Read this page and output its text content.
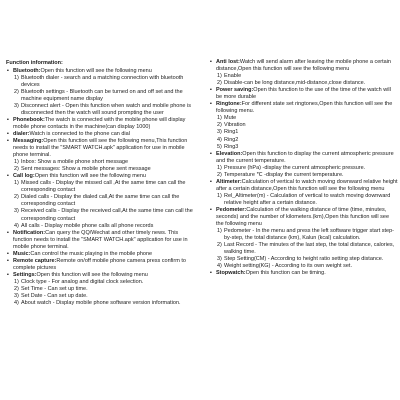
Function information:
▪ Bluetooth:Open this function will see the following menu
1) Bluetooth dialer - search and a matching connection with bluetooth devices
2) Bluetooth settings - Bluetooth can be turned on and off set and the machine equipment name display
3) Disconnect alert - Open this function when watch and mobile phone is disconnected then the watch will sound prompting the user
▪ Phonebook:The watch is connected with the mobile phone will display mobile phone contacts in the machine(can display 1000)
▪ dialer:Watch is connected to the phone can dial
▪ Messaging:Open this function will see the following menu,This function needs to install the "SMART WATCH.apk" application for use in mobile phone terminal.
1) Inbox: Show a mobile phone short message
2) Sent messages: Show a mobile phone sent message
▪ Call log:Open this function will see the following menu
1) Missed calls - Display the missed call ,At the same time can call the corresponding contact
2) Dialed calls - Display the dialed call,At the same time can call the corresponding contact
3) Received calls - Display the received call,At the same time can call the corresponding contact
4) All calls - Display mobile phone calls all phone records
▪ Notification:Can query the QQ/Wechat and other timely news. This function needs to install the "SMART WATCH.apk" application for use in mobile phone terminal.
▪ Music:Can control the music playing in the mobile phone
▪ Remote capture:Remote on/off mobile phone camera press confirm to complete pictures
▪ Settings:Open this function will see the following menu
1) Clock type - For analog and digital clock selection.
2) Set Time - Can set up time.
3) Set Date - Can set up date.
4) About watch - Display mobile phone software version information.
▪ Anti lost:Watch will send alarm after leaving the mobile phone a certain distance,Open this function will see the following menu
1) Enable
2) Disable-can be long distance,mid-distance,close distance.
▪ Power saving:Open this function to the use of the time of the watch will be more durable
▪ Ringtone:For different state set ringtones,Open this function will see the following menu.
1) Mute
2) Vibration
3) Ring1
4) Ring2
5) Ring3
▪ Elevation:Open this function to display the current atmospheric pressure and the current temperature.
1) Pressure (hPa) -display the current atmospheric pressure.
2) Temperature ℃ -display the current temperature.
▪ Altimeter:Calculation of vertical to watch moving downward relative height after a certain distance,Open this function will see the following menu
1) Rel_Altimeter(m) - Calculation of vertical to watch moving downward relative height after a certain distance.
▪ Pedometer:Calculation of the walking distance of time (time, minutes, seconds) and the number of kilometers.(km),Open this function will see the following menu
1) Pedometer - In the menu and press the left software trigger start step-by-step, the total distance (km), Kalun (kcal) calculation.
2) Last Record - The minutes of the last step, the total distance, calories, walking time.
3) Step Setting(CM) - According to height ratio setting step distance.
4) Weight setting(KG) - According to its own weight set.
▪ Stopwatch:Open this function can be timing.
